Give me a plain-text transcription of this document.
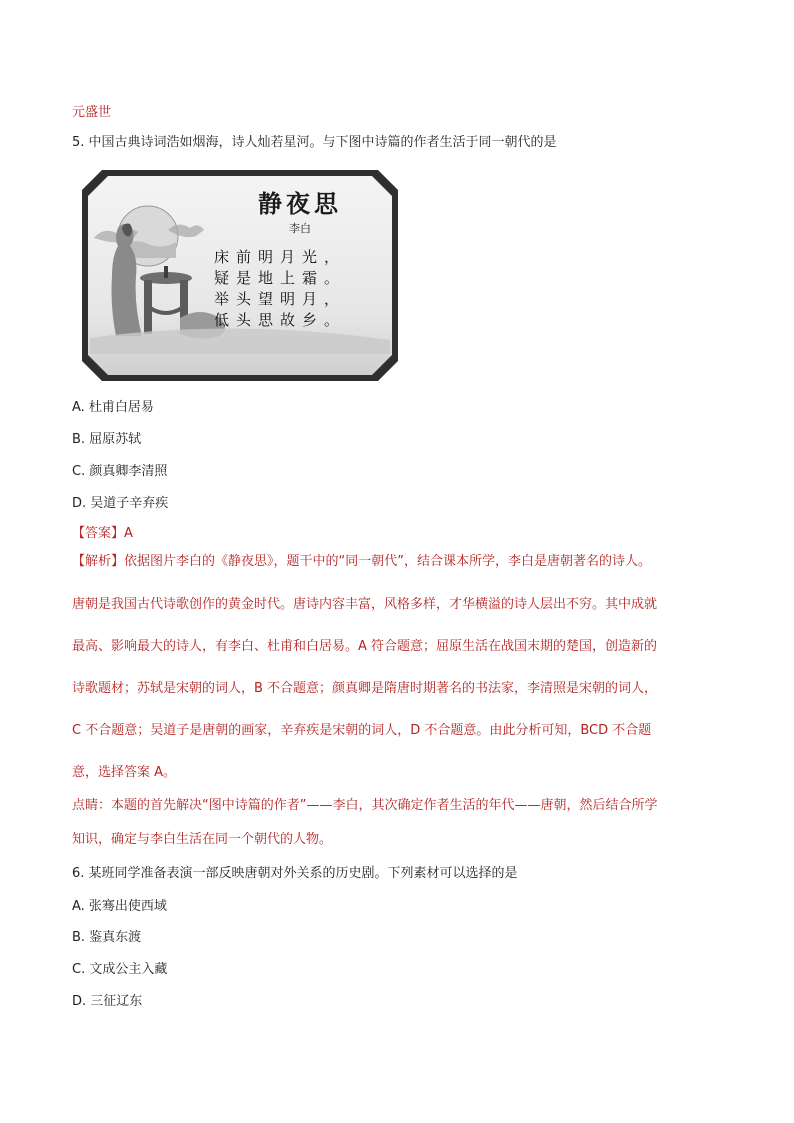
元盛世
5. 中国古典诗词浩如烟海，诗人灿若星河。与下图中诗篇的作者生活于同一朝代的是
静夜思
李白
床前明月光，
疑是地上霜。
举头望明月，
低头思故乡。
A. 杜甫白居易
B. 屈原苏轼
C. 颜真卿李清照
D. 吴道子辛弃疾
【答案】A
【解析】依据图片李白的《静夜思》，题干中的“同一朝代”，结合课本所学，李白是唐朝著名的诗人。
唐朝是我国古代诗歌创作的黄金时代。唐诗内容丰富，风格多样，才华横溢的诗人层出不穷。其中成就
最高、影响最大的诗人，有李白、杜甫和白居易。A 符合题意；屈原生活在战国末期的楚国，创造新的
诗歌题材；苏轼是宋朝的词人，B 不合题意；颜真卿是隋唐时期著名的书法家，李清照是宋朝的词人，
C 不合题意；吴道子是唐朝的画家，辛弃疾是宋朝的词人，D 不合题意。由此分析可知，BCD 不合题
意，选择答案 A。
点睛：本题的首先解决“图中诗篇的作者”——李白，其次确定作者生活的年代——唐朝，然后结合所学
知识，确定与李白生活在同一个朝代的人物。
6. 某班同学准备表演一部反映唐朝对外关系的历史剧。下列素材可以选择的是
A. 张骞出使西域
B. 鉴真东渡
C. 文成公主入藏
D. 三征辽东
